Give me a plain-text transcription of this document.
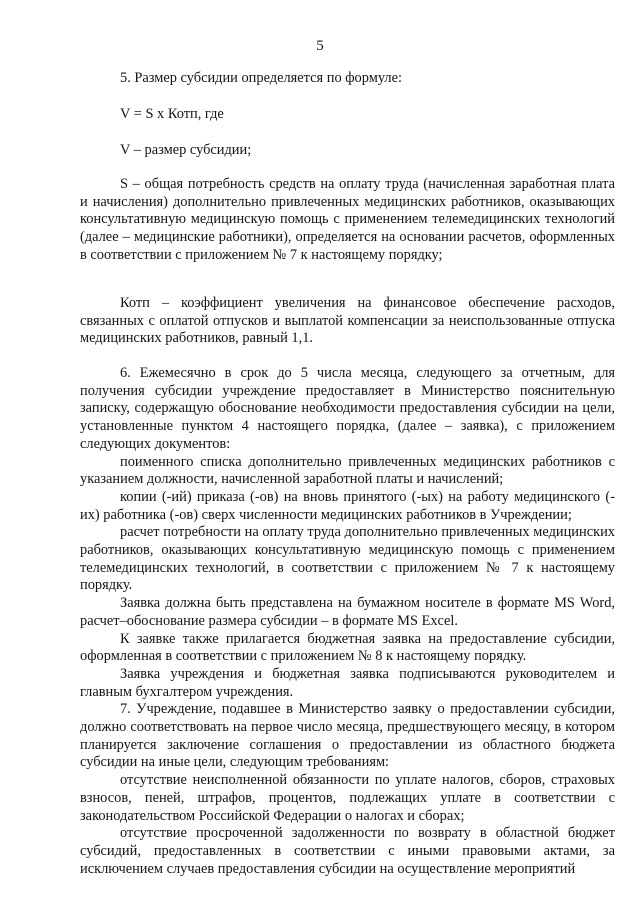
5
5. Размер субсидии определяется по формуле:
V = S x Котп, где
V – размер субсидии;

S – общая потребность средств на оплату труда (начисленная заработная плата и начисления) дополнительно привлеченных медицинских работников, оказывающих консультативную медицинскую помощь с применением телемедицинских технологий (далее – медицинские работники), определяется на основании расчетов, оформленных в соответствии с приложением № 7 к настоящему порядку;

Котп – коэффициент увеличения на финансовое обеспечение расходов, связанных с оплатой отпусков и выплатой компенсации за неиспользованные отпуска медицинских работников, равный 1,1.

6. Ежемесячно в срок до 5 числа месяца, следующего за отчетным, для получения субсидии учреждение предоставляет в Министерство пояснительную записку, содержащую обоснование необходимости предоставления субсидии на цели, установленные пунктом 4 настоящего порядка, (далее – заявка), с приложением следующих документов:

поименного списка дополнительно привлеченных медицинских работников с указанием должности, начисленной заработной платы и начислений;

копии (-ий) приказа (-ов) на вновь принятого (-ых) на работу медицинского (-их) работника (-ов) сверх численности медицинских работников в Учреждении;

расчет потребности на оплату труда дополнительно привлеченных медицинских работников, оказывающих консультативную медицинскую помощь с применением телемедицинских технологий, в соответствии с приложением № 7 к настоящему порядку.

Заявка должна быть представлена на бумажном носителе в формате MS Word, расчет–обоснование размера субсидии – в формате MS Excel.

К заявке также прилагается бюджетная заявка на предоставление субсидии, оформленная в соответствии с приложением № 8 к настоящему порядку.

Заявка учреждения и бюджетная заявка подписываются руководителем и главным бухгалтером учреждения.

7. Учреждение, подавшее в Министерство заявку о предоставлении субсидии, должно соответствовать на первое число месяца, предшествующего месяцу, в котором планируется заключение соглашения о предоставлении из областного бюджета субсидии на иные цели, следующим требованиям:

отсутствие неисполненной обязанности по уплате налогов, сборов, страховых взносов, пеней, штрафов, процентов, подлежащих уплате в соответствии с законодательством Российской Федерации о налогах и сборах;

отсутствие просроченной задолженности по возврату в областной бюджет субсидий, предоставленных в соответствии с иными правовыми актами, за исключением случаев предоставления субсидии на осуществление мероприятий
